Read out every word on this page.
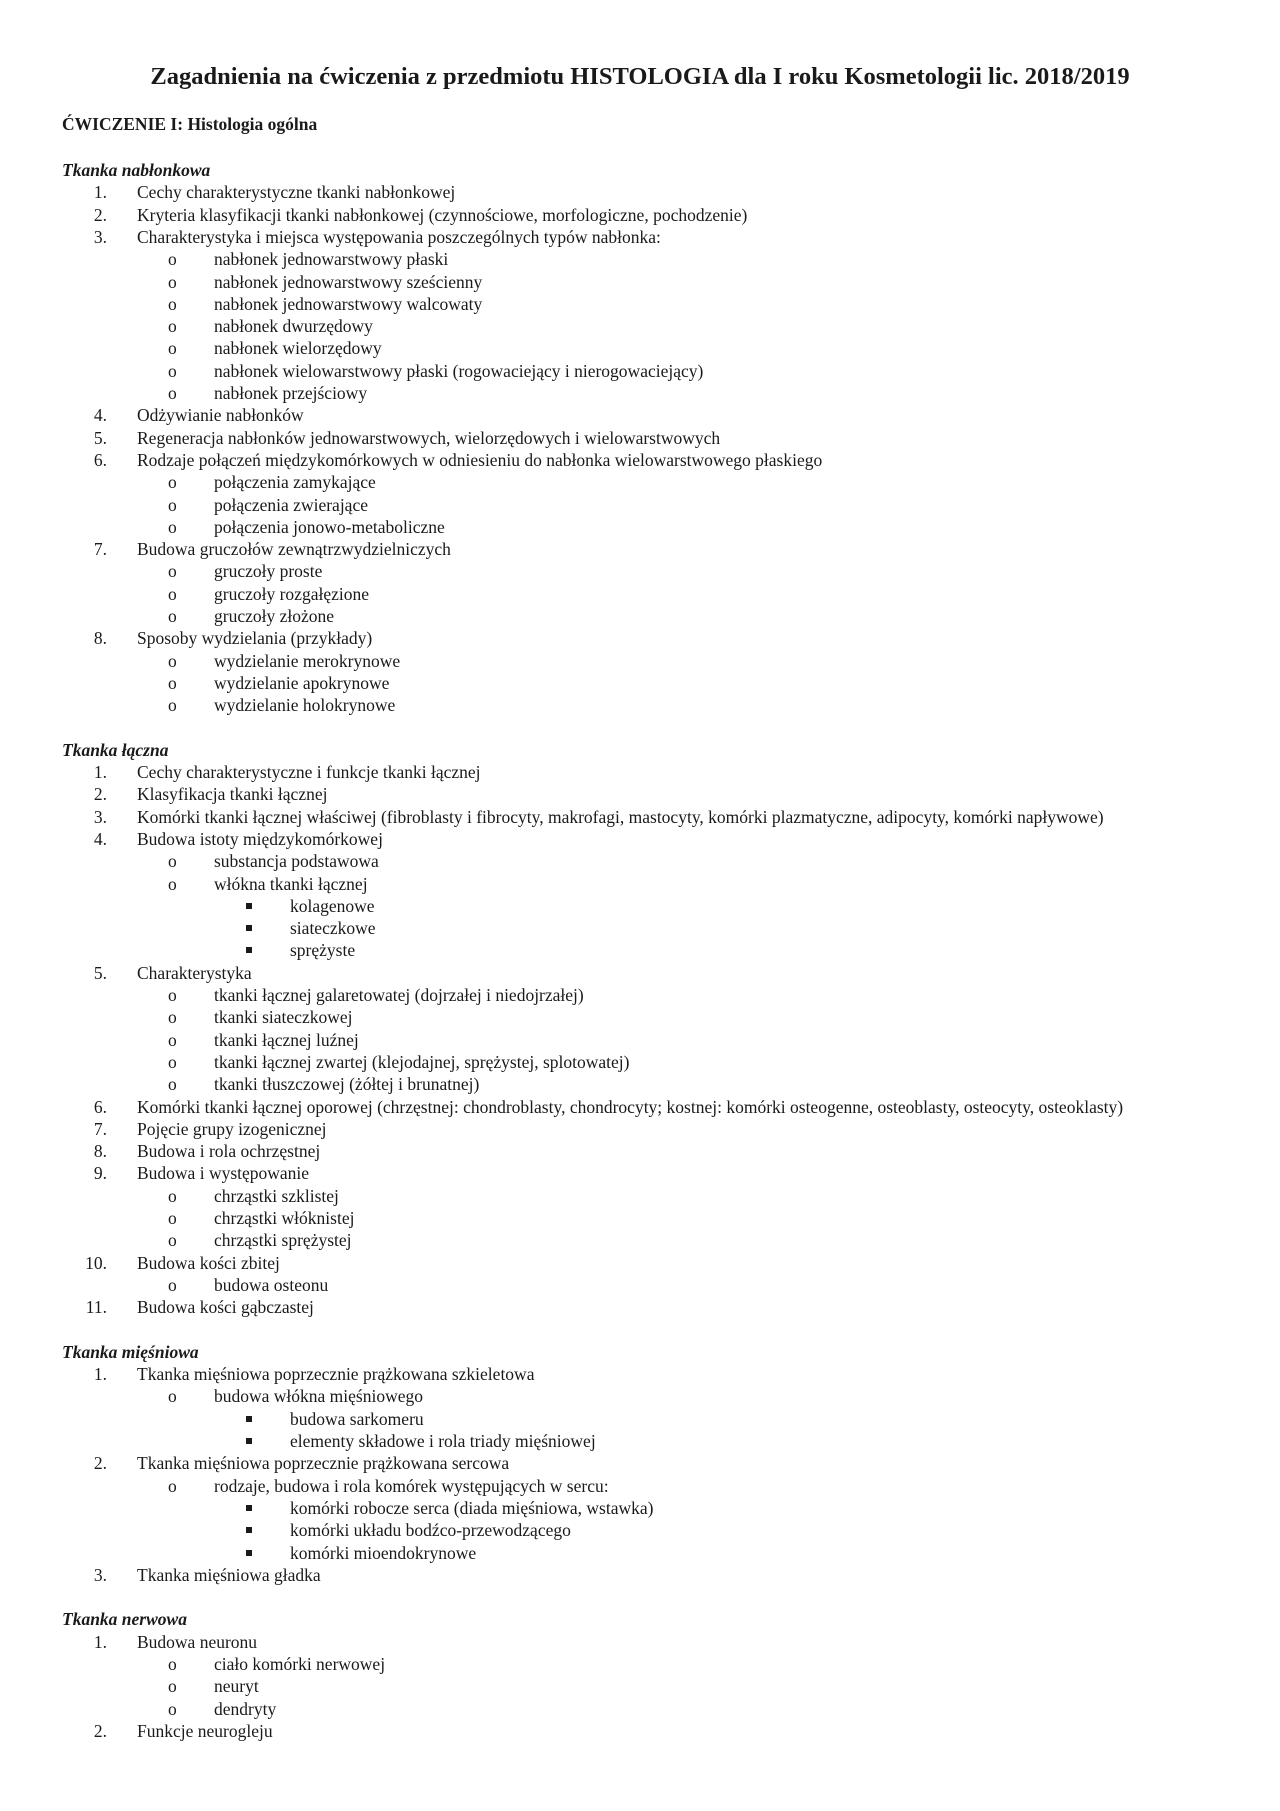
Zagadnienia na ćwiczenia z przedmiotu HISTOLOGIA dla I roku Kosmetologii lic. 2018/2019
ĆWICZENIE I: Histologia ogólna
Tkanka nabłonkowa
1. Cechy charakterystyczne tkanki nabłonkowej
2. Kryteria klasyfikacji tkanki nabłonkowej (czynnościowe, morfologiczne, pochodzenie)
3. Charakterystyka i miejsca występowania poszczególnych typów nabłonka:
o nabłonek jednowarstwowy płaski
o nabłonek jednowarstwowy sześcienny
o nabłonek jednowarstwowy walcowaty
o nabłonek dwurzędowy
o nabłonek wielorzędowy
o nabłonek wielowarstwowy płaski (rogowaciejący i nierogowaciejący)
o nabłonek przejściowy
4. Odżywianie nabłonków
5. Regeneracja nabłonków jednowarstwowych, wielorzędowych i wielowarstwowych
6. Rodzaje połączeń międzykomórkowych w odniesieniu do nabłonka wielowarstwowego płaskiego
o połączenia zamykające
o połączenia zwierające
o połączenia jonowo-metaboliczne
7. Budowa gruczołów zewnątrzwydzielniczych
o gruczoły proste
o gruczoły rozgałęzione
o gruczoły złożone
8. Sposoby wydzielania (przykłady)
o wydzielanie merokrynowe
o wydzielanie apokrynowe
o wydzielanie holokrynowe
Tkanka łączna
1. Cechy charakterystyczne i funkcje tkanki łącznej
2. Klasyfikacja tkanki łącznej
3. Komórki tkanki łącznej właściwej (fibroblasty i fibrocyty, makrofagi, mastocyty, komórki plazmatyczne, adipocyty, komórki napływowe)
4. Budowa istoty międzykomórkowej
o substancja podstawowa
o włókna tkanki łącznej
kolagenowe
siateczkowe
sprężyste
5. Charakterystyka
o tkanki łącznej galaretowatej (dojrzałej i niedojrzałej)
o tkanki siateczkowej
o tkanki łącznej luźnej
o tkanki łącznej zwartej (klejodajnej, sprężystej, splotowatej)
o tkanki tłuszczowej (żółtej i brunatnej)
6. Komórki tkanki łącznej oporowej (chrzęstnej: chondroblasty, chondrocyty; kostnej: komórki osteogenne, osteoblasty, osteocyty, osteoklasty)
7. Pojęcie grupy izogenicznej
8. Budowa i rola ochrzęstnej
9. Budowa i występowanie
o chrząstki szklistej
o chrząstki włóknistej
o chrząstki sprężystej
10. Budowa kości zbitej
o budowa osteonu
11. Budowa kości gąbczastej
Tkanka mięśniowa
1. Tkanka mięśniowa poprzecznie prążkowana szkieletowa
o budowa włókna mięśniowego
budowa sarkomeru
elementy składowe i rola triady mięśniowej
2. Tkanka mięśniowa poprzecznie prążkowana sercowa
o rodzaje, budowa i rola komórek występujących w sercu:
komórki robocze serca (diada mięśniowa, wstawka)
komórki układu bodźco-przewodzącego
komórki mioendokrynowe
3. Tkanka mięśniowa gładka
Tkanka nerwowa
1. Budowa neuronu
o ciało komórki nerwowej
o neuryt
o dendryty
2. Funkcje neurogleju
